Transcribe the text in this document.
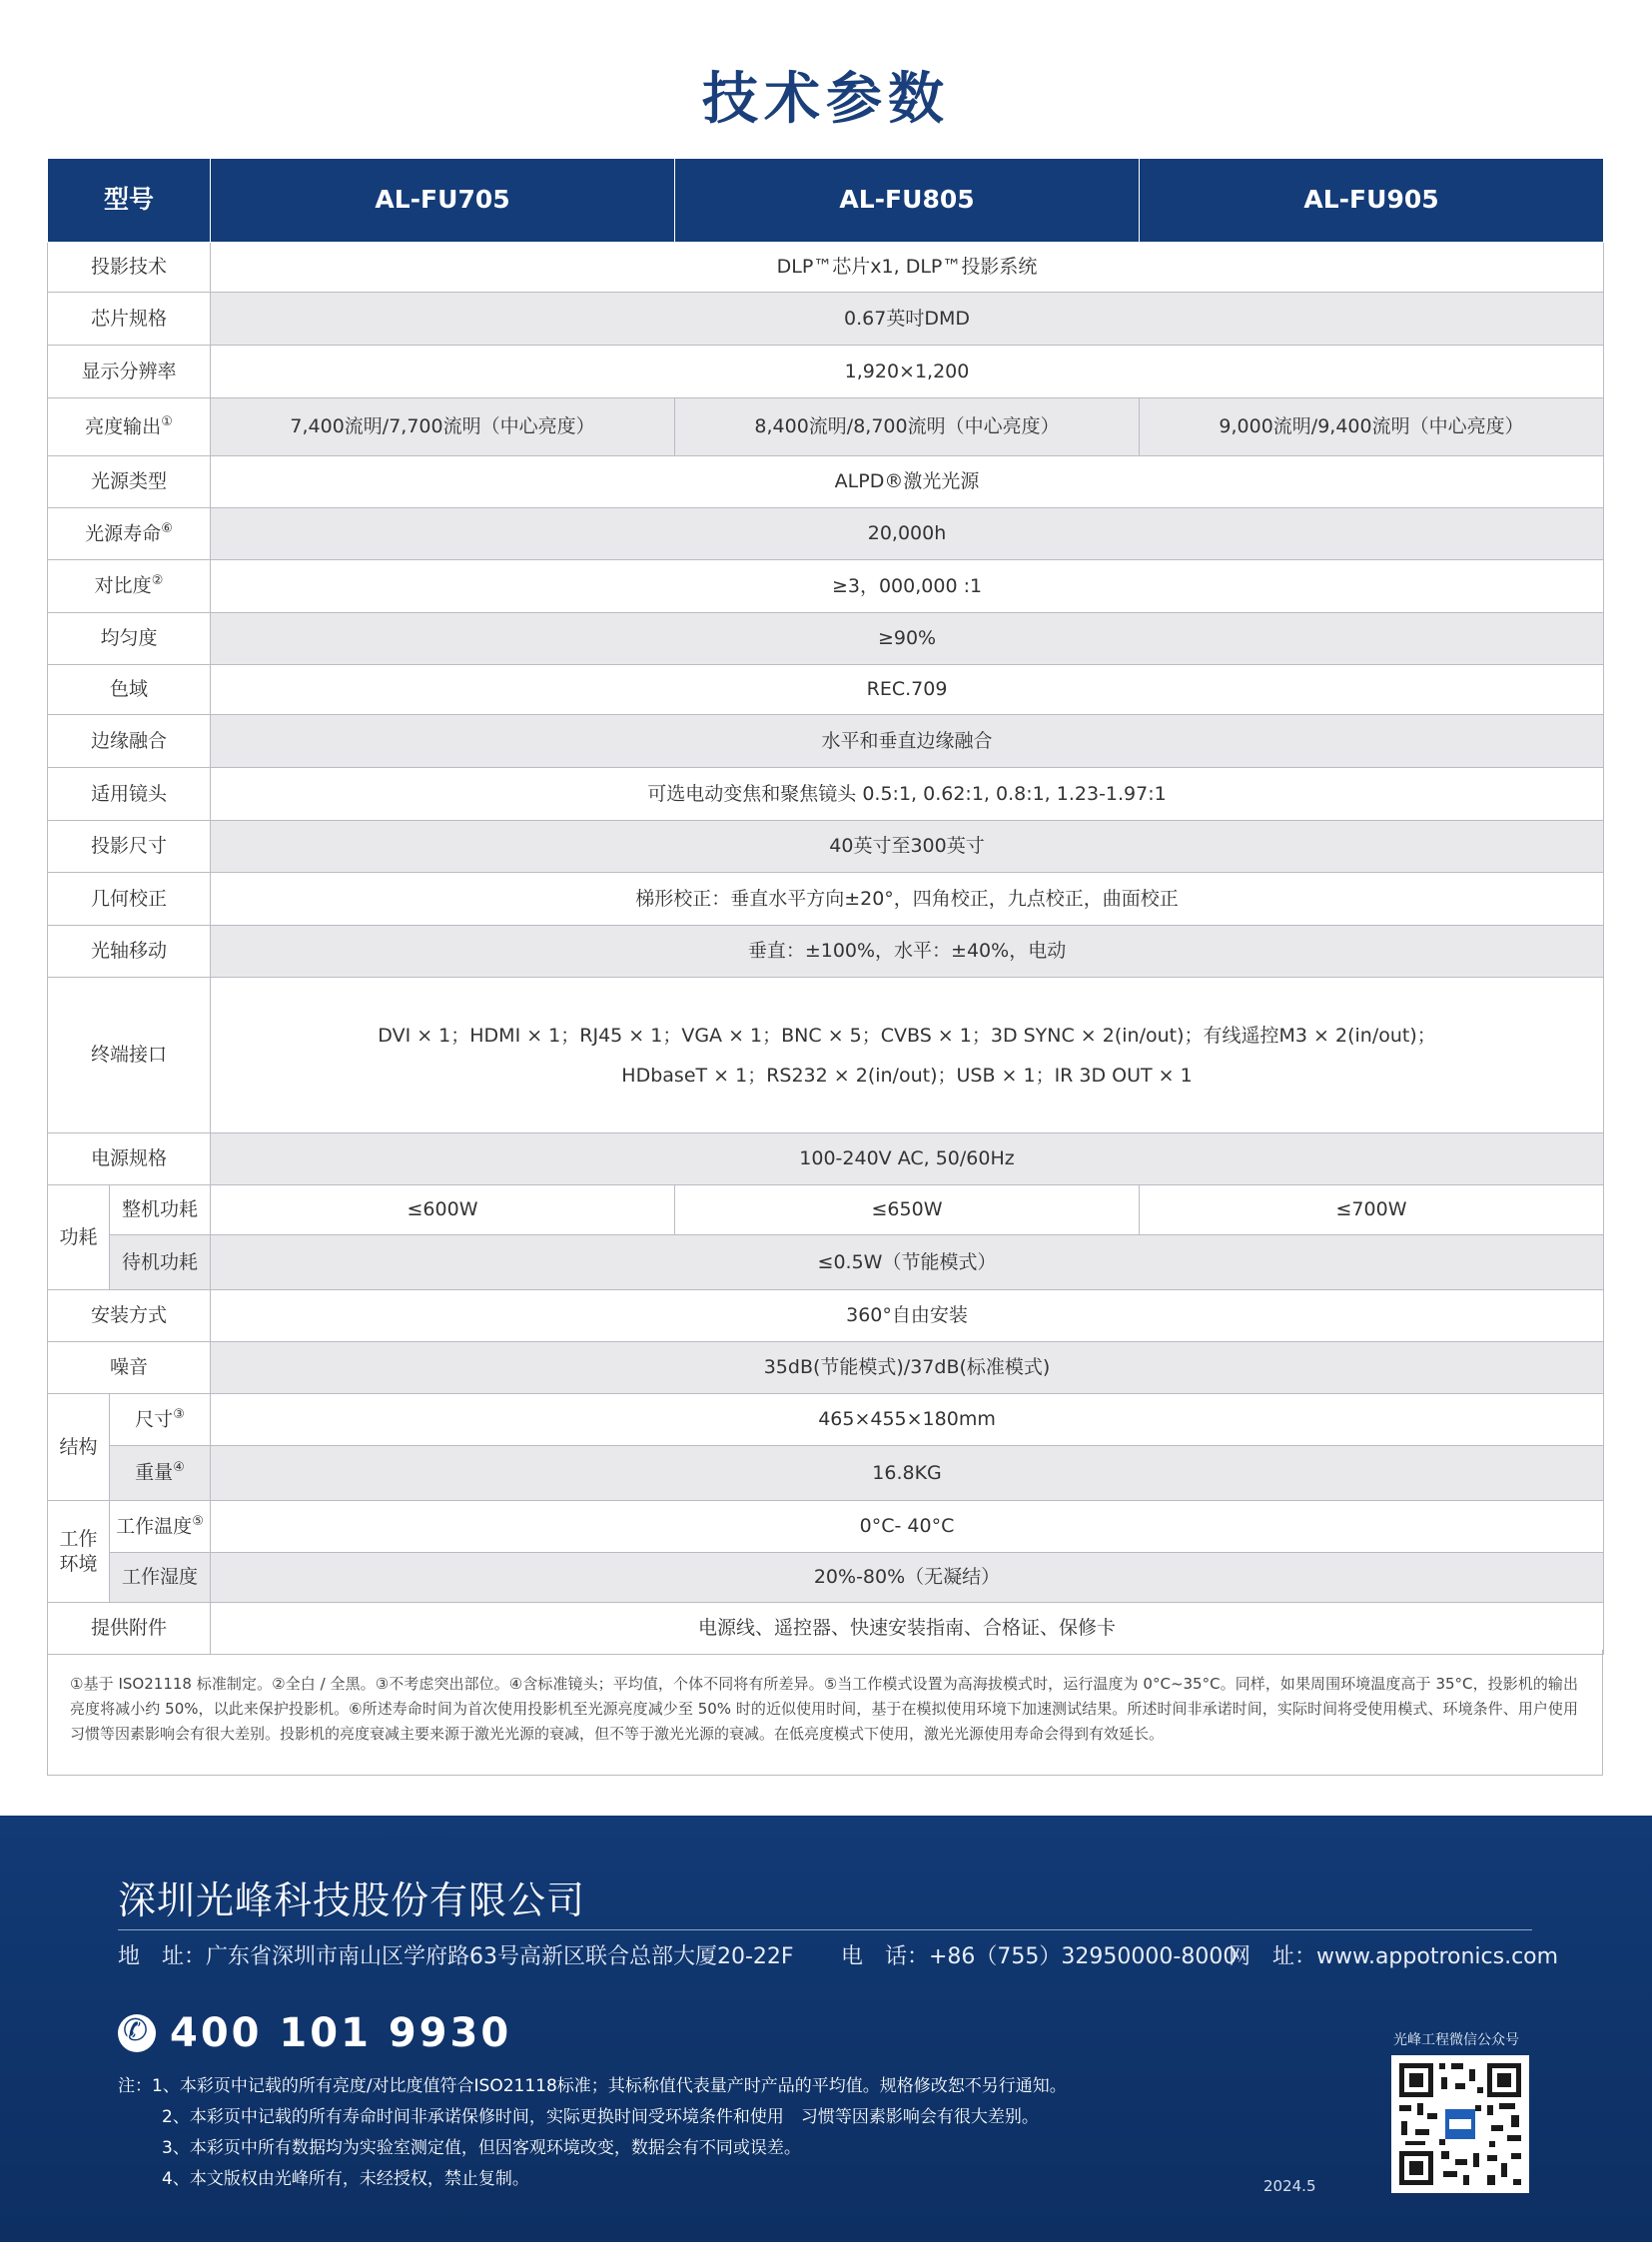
技术参数
型号		AL-FU705	AL-FU805	AL-FU905
投影技术		DLP™芯片x1, DLP™投影系统		
芯片规格		0.67英吋DMD		
显示分辨率		1,920×1,200		
亮度输出①		7,400流明/7,700流明（中心亮度）	8,400流明/8,700流明（中心亮度）	9,000流明/9,400流明（中心亮度）
光源类型		ALPD®激光光源		
光源寿命⑥		20,000h		
对比度②		≥3，000,000 :1		
均匀度		≥90%		
色域		REC.709		
边缘融合		水平和垂直边缘融合		
适用镜头		可选电动变焦和聚焦镜头 0.5:1, 0.62:1, 0.8:1, 1.23-1.97:1		
投影尺寸		40英寸至300英寸		
几何校正		梯形校正：垂直水平方向±20°，四角校正，九点校正，曲面校正		
光轴移动		垂直：±100%，水平：±40%，电动		
终端接口		DVI × 1；HDMI × 1；RJ45 × 1；VGA × 1；BNC × 5；CVBS × 1；3D SYNC × 2(in/out)；有线遥控M3 × 2(in/out)；
HDbaseT × 1；RS232 × 2(in/out)；USB × 1；IR 3D OUT × 1		

电源规格		100-240V AC, 50/60Hz		
功耗	整机功耗	≤600W	≤650W	≤700W
	待机功耗	≤0.5W（节能模式）		
安装方式		360°自由安装		
噪音		35dB(节能模式)/37dB(标准模式)		
结构	尺寸③	465×455×180mm		
	重量④	16.8KG		

工作
环境	工作温度⑤	0°C- 40°C		
	工作湿度	20%-80%（无凝结）		
提供附件		电源线、遥控器、快速安装指南、合格证、保修卡		
①基于 ISO21118 标准制定。②全白 / 全黑。③不考虑突出部位。④含标准镜头；平均值，个体不同将有所差异。⑤当工作模式设置为高海拔模式时，运行温度为 0°C~35°C。同样，如果周围环境温度高于 35°C，投影机的输出亮度将减小约 50%，以此来保护投影机。⑥所述寿命时间为首次使用投影机至光源亮度减少至 50% 时的近似使用时间，基于在模拟使用环境下加速测试结果。所述时间非承诺时间，实际时间将受使用模式、环境条件、用户使用习惯等因素影响会有很大差别。投影机的亮度衰减主要来源于激光光源的衰减，但不等于激光光源的衰减。在低亮度模式下使用，激光光源使用寿命会得到有效延长。
深圳光峰科技股份有限公司
地　址：广东省深圳市南山区学府路63号高新区联合总部大厦20-22F 电　话：+86（755）32950000-8000
网　址：www.appotronics.com
✆
400 101 9930
注：1、本彩页中记载的所有亮度/对比度值符合ISO21118标准；其标称值代表量产时产品的平均值。规格修改恕不另行通知。
2、本彩页中记载的所有寿命时间非承诺保修时间，实际更换时间受环境条件和使用　习惯等因素影响会有很大差别。
3、本彩页中所有数据均为实验室测定值，但因客观环境改变，数据会有不同或误差。
4、本文版权由光峰所有，未经授权，禁止复制。
光峰工程微信公众号
2024.5
